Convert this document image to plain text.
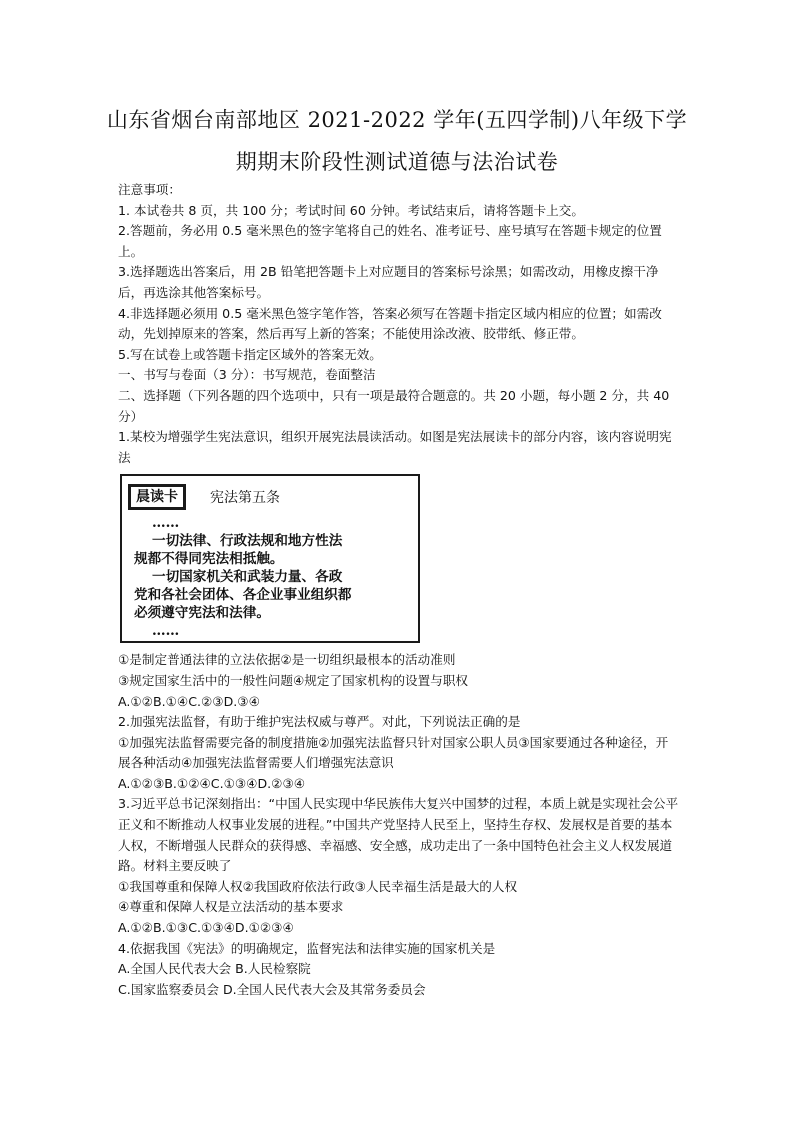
山东省烟台南部地区 2021-2022 学年(五四学制)八年级下学
期期末阶段性测试道德与法治试卷

注意事项：

1. 本试卷共 8 页，共 100 分；考试时间 60 分钟。考试结束后，请将答题卡上交。

2.答题前，务必用 0.5 毫米黑色的签字笔将自己的姓名、准考证号、座号填写在答题卡规定的位置上。

3.选择题选出答案后，用 2B 铅笔把答题卡上对应题目的答案标号涂黑；如需改动，用橡皮擦干净后，再选涂其他答案标号。

4.非选择题必须用 0.5 毫米黑色签字笔作答，答案必须写在答题卡指定区域内相应的位置；如需改动，先划掉原来的答案，然后再写上新的答案；不能使用涂改液、胶带纸、修正带。

5.写在试卷上或答题卡指定区域外的答案无效。

一、书写与卷面（3 分）：书写规范，卷面整洁

二、选择题（下列各题的四个选项中，只有一项是最符合题意的。共 20 小题，每小题 2 分，共 40 分）

1.某校为增强学生宪法意识，组织开展宪法晨读活动。如图是宪法展读卡的部分内容，该内容说明宪法

晨读卡	宪法第五条
……
一切法律、行政法规和地方性法
规都不得同宪法相抵触。
一切国家机关和武装力量、各政
党和各社会团体、各企业事业组织都
必须遵守宪法和法律。
……

①是制定普通法律的立法依据②是一切组织最根本的活动准则

③规定国家生活中的一般性问题④规定了国家机构的设置与职权

A.①②B.①④C.②③D.③④

2.加强宪法监督，有助于维护宪法权威与尊严。对此，下列说法正确的是

①加强宪法监督需要完备的制度措施②加强宪法监督只针对国家公职人员③国家要通过各种途径，开展各种活动④加强宪法监督需要人们增强宪法意识

A.①②③B.①②④C.①③④D.②③④

3.习近平总书记深刻指出：“中国人民实现中华民族伟大复兴中国梦的过程，本质上就是实现社会公平正义和不断推动人权事业发展的进程。”中国共产党坚持人民至上，坚持生存权、发展权是首要的基本人权，不断增强人民群众的获得感、幸福感、安全感，成功走出了一条中国特色社会主义人权发展道路。材料主要反映了

①我国尊重和保障人权②我国政府依法行政③人民幸福生活是最大的人权

④尊重和保障人权是立法活动的基本要求

A.①②B.①③C.①③④D.①②③④

4.依据我国《宪法》的明确规定，监督宪法和法律实施的国家机关是

A.全国人民代表大会 B.人民检察院

C.国家监察委员会 D.全国人民代表大会及其常务委员会
